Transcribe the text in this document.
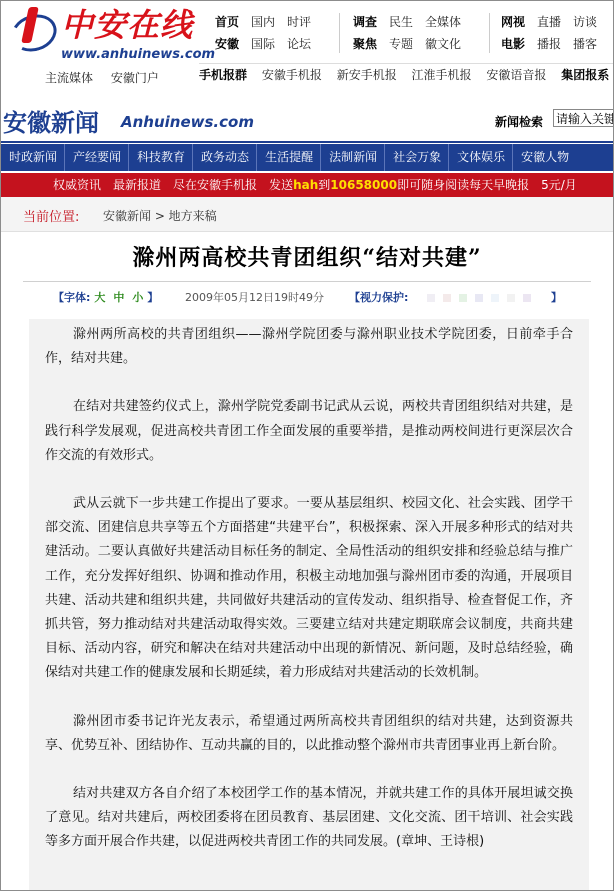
中安在线
www.anhuinews.com
主流媒体 安徽门户
首页 国内 时评
安徽 国际 论坛
调查 民生 全媒体
聚焦 专题 徽文化
网视 直播 访谈
电影 播报 播客
手机报群 安徽手机报 新安手机报 江淮手机报 安徽语音报 集团报系
安徽新闻 Anhuinews.com	新闻检索
请输入关键
时政新闻	产经要闻	科技教育	政务动态	生活提醒	法制新闻	社会万象	文体娱乐	安徽人物
权威资讯 最新报道 尽在安徽手机报 发送hah到10658000即可随身阅读每天早晚报 5元/月
当前位置: 安徽新闻 > 地方来稿
滁州两高校共青团组织“结对共建”
【字体: 大 中 小 】 2009年05月12日19时49分 【视力保护:	】

滁州两所高校的共青团组织——滁州学院团委与滁州职业技术学院团委，日前牵手合作，结对共建。

在结对共建签约仪式上，滁州学院党委副书记武从云说，两校共青团组织结对共建，是践行科学发展观，促进高校共青团工作全面发展的重要举措，是推动两校间进行更深层次合作交流的有效形式。

武从云就下一步共建工作提出了要求。一要从基层组织、校园文化、社会实践、团学干部交流、团建信息共享等五个方面搭建“共建平台”，积极探索、深入开展多种形式的结对共建活动。二要认真做好共建活动目标任务的制定、全局性活动的组织安排和经验总结与推广工作，充分发挥好组织、协调和推动作用，积极主动地加强与滁州团市委的沟通，开展项目共建、活动共建和组织共建，共同做好共建活动的宣传发动、组织指导、检查督促工作，齐抓共管，努力推动结对共建活动取得实效。三要建立结对共建定期联席会议制度，共商共建目标、活动内容，研究和解决在结对共建活动中出现的新情况、新问题，及时总结经验，确保结对共建工作的健康发展和长期延续，着力形成结对共建活动的长效机制。

滁州团市委书记许光友表示，希望通过两所高校共青团组织的结对共建，达到资源共享、优势互补、团结协作、互动共赢的目的，以此推动整个滁州市共青团事业再上新台阶。

结对共建双方各自介绍了本校团学工作的基本情况，并就共建工作的具体开展坦诚交换了意见。结对共建后，两校团委将在团员教育、基层团建、文化交流、团干培训、社会实践等多方面开展合作共建，以促进两校共青团工作的共同发展。(章坤、王诗根)
